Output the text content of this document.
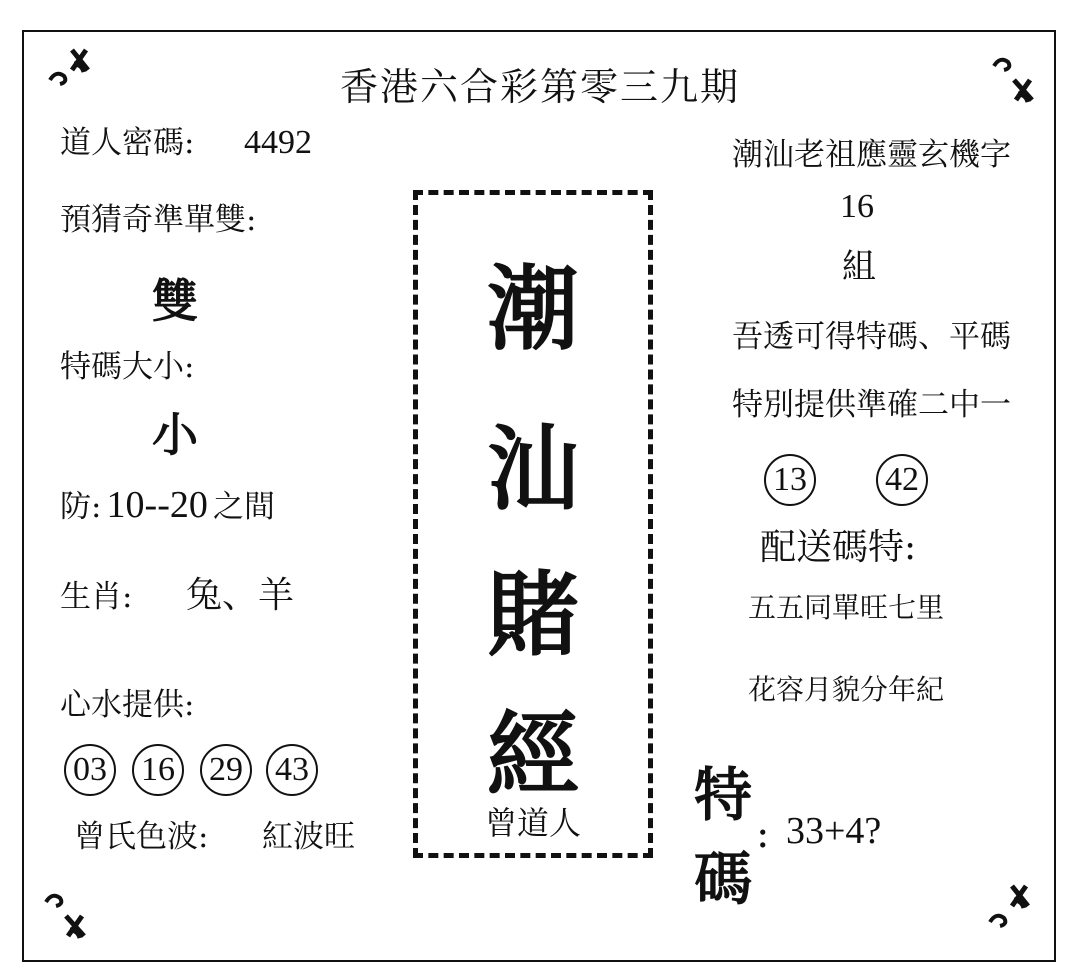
香港六合彩第零三九期
道人密碼: 4492
預猜奇準單雙:
雙
特碼大小:
小
防: 10--20 之間
生肖: 兔、羊
心水提供:
03 16 29 43
曾氏色波: 紅波旺
潮
汕
賭
經
曾道人
潮汕老祖應靈玄機字
16
組
吾透可得特碼、平碼
特別提供準確二中一
13 42
配送碼特:
五五同單旺七里
花容月貌分年紀
特
碼
: 33+4?
